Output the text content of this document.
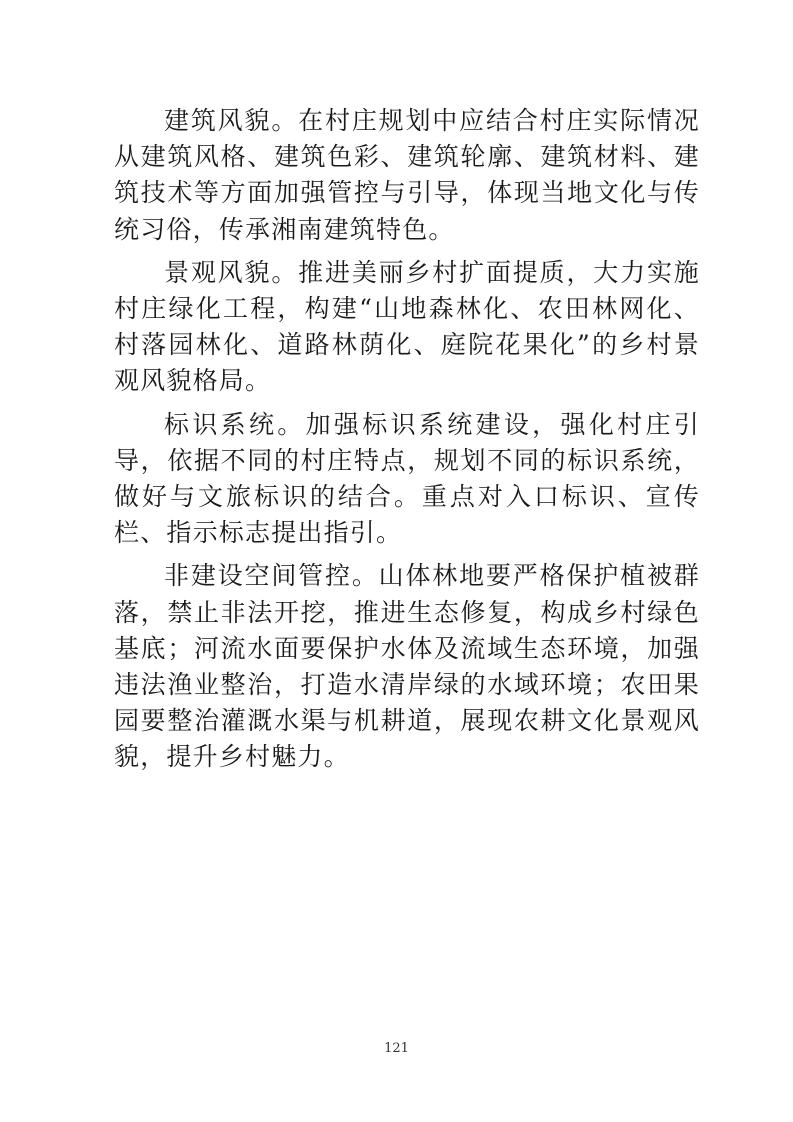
建筑风貌。在村庄规划中应结合村庄实际情况从建筑风格、建筑色彩、建筑轮廓、建筑材料、建筑技术等方面加强管控与引导，体现当地文化与传统习俗，传承湘南建筑特色。

景观风貌。推进美丽乡村扩面提质，大力实施村庄绿化工程，构建“山地森林化、农田林网化、村落园林化、道路林荫化、庭院花果化”的乡村景观风貌格局。

标识系统。加强标识系统建设，强化村庄引导，依据不同的村庄特点，规划不同的标识系统，做好与文旅标识的结合。重点对入口标识、宣传栏、指示标志提出指引。

非建设空间管控。山体林地要严格保护植被群落，禁止非法开挖，推进生态修复，构成乡村绿色基底；河流水面要保护水体及流域生态环境，加强违法渔业整治，打造水清岸绿的水域环境；农田果园要整治灌溉水渠与机耕道，展现农耕文化景观风貌，提升乡村魅力。

121
